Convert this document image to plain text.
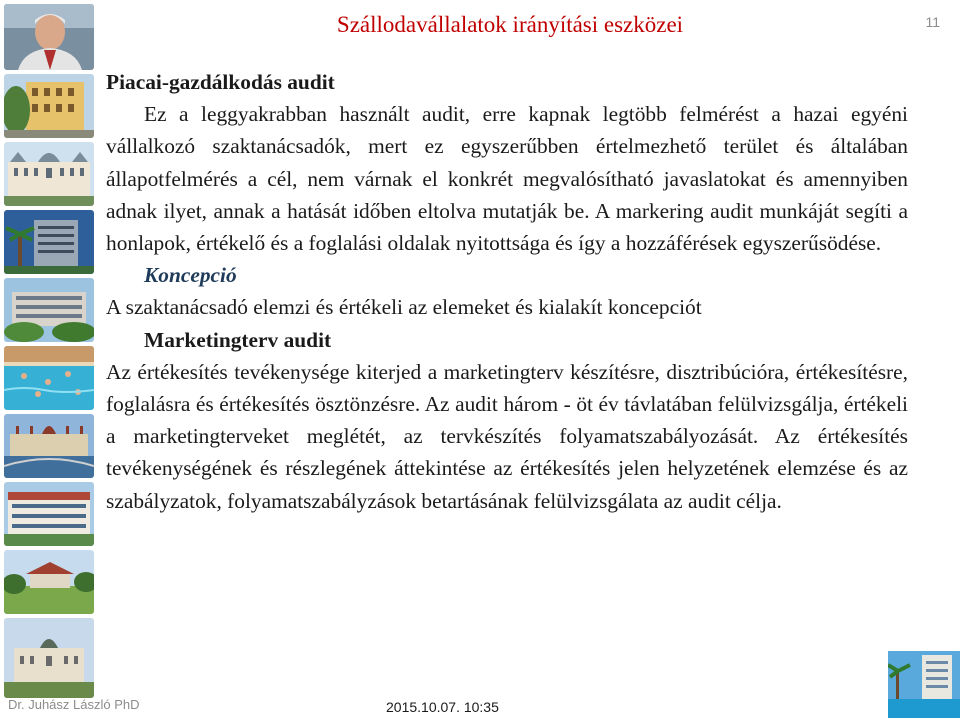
Szállodavállalatok irányítási eszközei	11

Piacai-gazdálkodás audit

Ez a leggyakrabban használt audit, erre kapnak legtöbb felmérést a hazai egyéni vállalkozó szaktanácsadók, mert ez egyszerűbben értelmezhető terület és általában állapotfelmérés a cél, nem várnak el konkrét megvalósítható javaslatokat és amennyiben adnak ilyet, annak a hatását időben eltolva mutatják be. A markering audit munkáját segíti a honlapok, értékelő és a foglalási oldalak nyitottsága és így a hozzáférések egyszerűsödése.

Koncepció

A szaktanácsadó elemzi és értékeli az elemeket és kialakít koncepciót

Marketingterv audit

Az értékesítés tevékenysége kiterjed a marketingterv készítésre, disztribúcióra, értékesítésre, foglalásra és értékesítés ösztönzésre. Az audit három - öt év távlatában felülvizsgálja, értékeli a marketingterveket meglétét, az tervkészítés folyamatszabályozását. Az értékesítés tevékenységének és részlegének áttekintése az értékesítés jelen helyzetének elemzése és az szabályzatok, folyamatszabályzások betartásának felülvizsgálata az audit célja.

Dr. Juhász László PhD	2015.10.07. 10:35
